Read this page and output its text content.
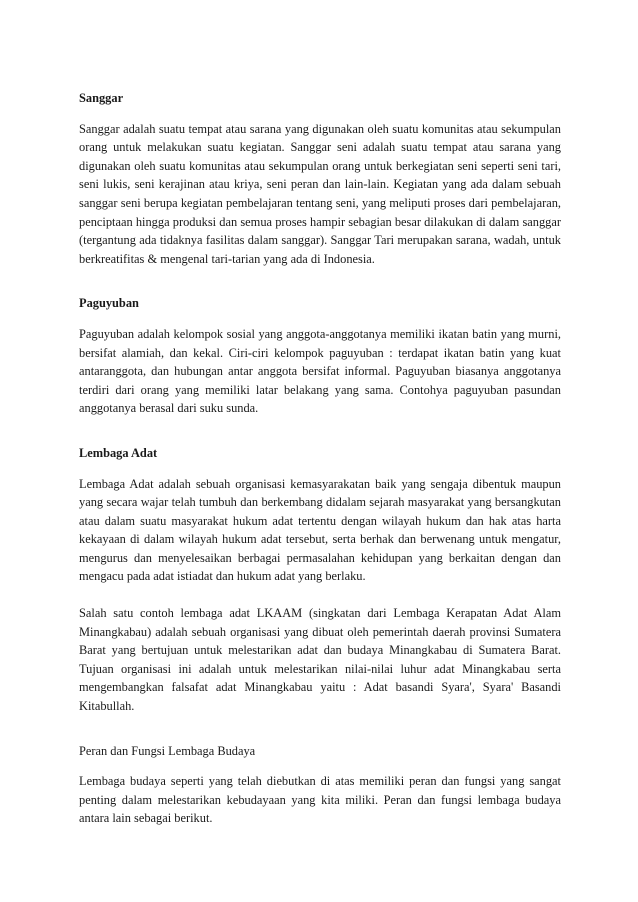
Sanggar

Sanggar adalah suatu tempat atau sarana yang digunakan oleh suatu komunitas atau sekumpulan orang untuk melakukan suatu kegiatan. Sanggar seni adalah suatu tempat atau sarana yang digunakan oleh suatu komunitas atau sekumpulan orang untuk berkegiatan seni seperti seni tari, seni lukis, seni kerajinan atau kriya, seni peran dan lain-lain. Kegiatan yang ada dalam sebuah sanggar seni berupa kegiatan pembelajaran tentang seni, yang meliputi proses dari pembelajaran, penciptaan hingga produksi dan semua proses hampir sebagian besar dilakukan di dalam sanggar (tergantung ada tidaknya fasilitas dalam sanggar). Sanggar Tari merupakan sarana, wadah, untuk berkreatifitas & mengenal tari-tarian yang ada di Indonesia.

Paguyuban

Paguyuban adalah kelompok sosial yang anggota-anggotanya memiliki ikatan batin yang murni, bersifat alamiah, dan kekal. Ciri-ciri kelompok paguyuban : terdapat ikatan batin yang kuat antaranggota, dan hubungan antar anggota bersifat informal. Paguyuban biasanya anggotanya terdiri dari orang yang memiliki latar belakang yang sama. Contohya paguyuban pasundan anggotanya berasal dari suku sunda.

Lembaga Adat

Lembaga Adat adalah sebuah organisasi kemasyarakatan baik yang sengaja dibentuk maupun yang secara wajar telah tumbuh dan berkembang didalam sejarah masyarakat yang bersangkutan atau dalam suatu masyarakat hukum adat tertentu dengan wilayah hukum dan hak atas harta kekayaan di dalam wilayah hukum adat tersebut, serta berhak dan berwenang untuk mengatur, mengurus dan menyelesaikan berbagai permasalahan kehidupan yang berkaitan dengan dan mengacu pada adat istiadat dan hukum adat yang berlaku.

Salah satu contoh lembaga adat LKAAM (singkatan dari Lembaga Kerapatan Adat Alam Minangkabau) adalah sebuah organisasi yang dibuat oleh pemerintah daerah provinsi Sumatera Barat yang bertujuan untuk melestarikan adat dan budaya Minangkabau di Sumatera Barat. Tujuan organisasi ini adalah untuk melestarikan nilai-nilai luhur adat Minangkabau serta mengembangkan falsafat adat Minangkabau yaitu : Adat basandi Syara', Syara' Basandi Kitabullah.

Peran dan Fungsi Lembaga Budaya

Lembaga budaya seperti yang telah diebutkan di atas memiliki peran dan fungsi yang sangat penting dalam melestarikan kebudayaan yang kita miliki. Peran dan fungsi lembaga budaya antara lain sebagai berikut.
